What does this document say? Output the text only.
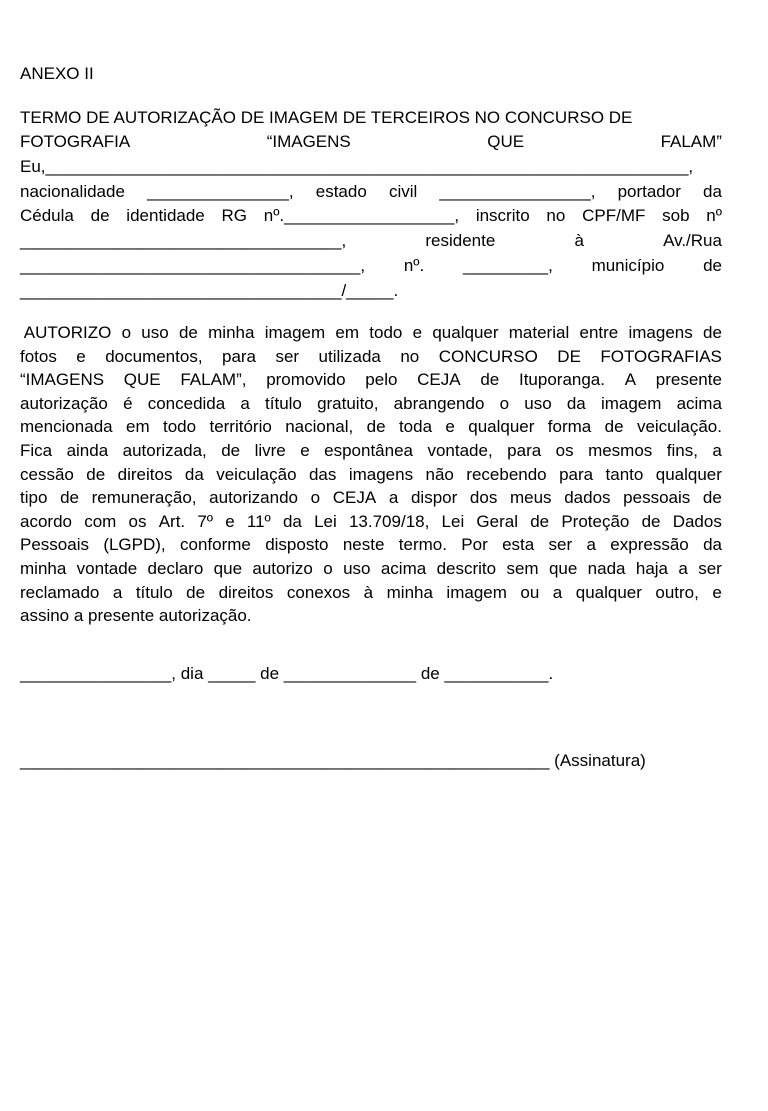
ANEXO II
TERMO DE AUTORIZAÇÃO DE IMAGEM DE TERCEIROS NO CONCURSO DE
FOTOGRAFIA	“IMAGENS	QUE	FALAM”
Eu,____________________________________________________________________,
nacionalidade _______________, estado civil ________________, portador da
Cédula de identidade RG nº.__________________, inscrito no CPF/MF sob nº
__________________________________,	residente	à	Av./Rua
____________________________________, nº. _________, município de
__________________________________/_____.
AUTORIZO o uso de minha imagem em todo e qualquer material entre imagens de
fotos e documentos, para ser utilizada no CONCURSO DE FOTOGRAFIAS
“IMAGENS QUE FALAM”, promovido pelo CEJA de Ituporanga. A presente
autorização é concedida a título gratuito, abrangendo o uso da imagem acima
mencionada em todo território nacional, de toda e qualquer forma de veiculação.
Fica ainda autorizada, de livre e espontânea vontade, para os mesmos fins, a
cessão de direitos da veiculação das imagens não recebendo para tanto qualquer
tipo de remuneração, autorizando o CEJA a dispor dos meus dados pessoais de
acordo com os Art. 7º e 11º da Lei 13.709/18, Lei Geral de Proteção de Dados
Pessoais (LGPD), conforme disposto neste termo. Por esta ser a expressão da
minha vontade declaro que autorizo o uso acima descrito sem que nada haja a ser
reclamado a título de direitos conexos à minha imagem ou a qualquer outro, e
assino a presente autorização.
________________, dia _____ de ______________ de ___________.
________________________________________________________ (Assinatura)
